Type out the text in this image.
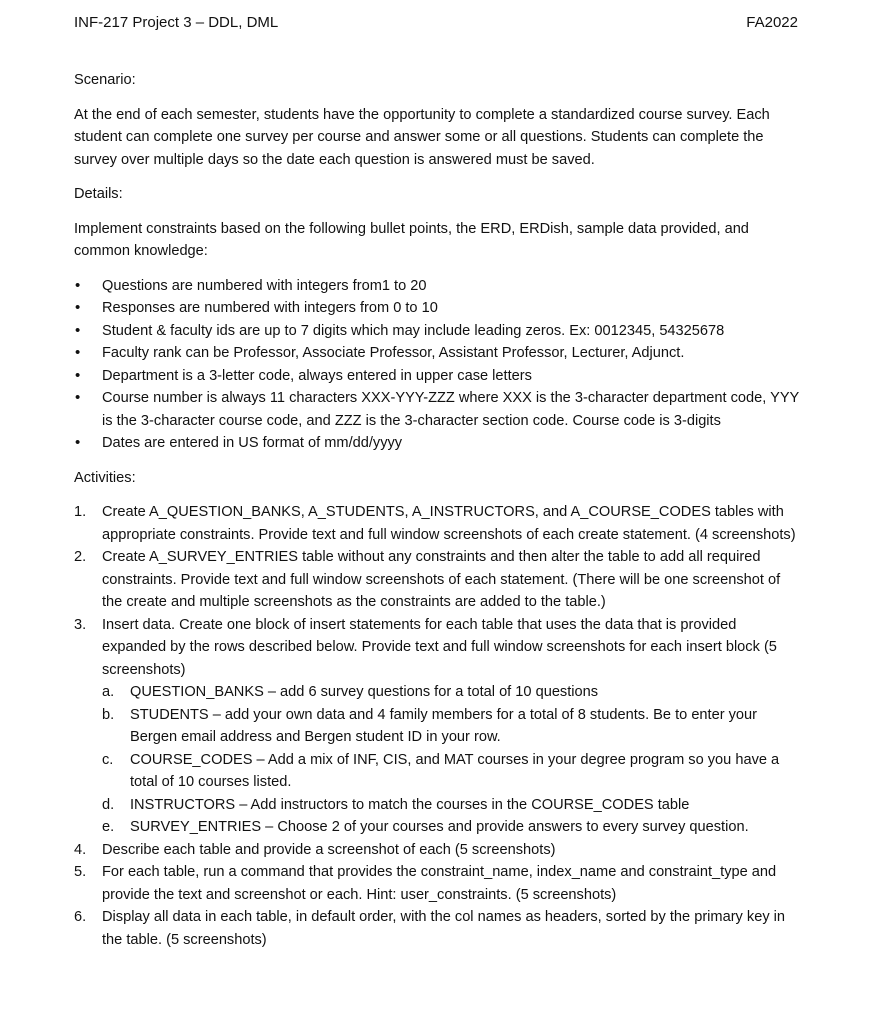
INF-217 Project 3 – DDL, DML	FA2022

Scenario:

At the end of each semester, students have the opportunity to complete a standardized course survey. Each student can complete one survey per course and answer some or all questions. Students can complete the survey over multiple days so the date each question is answered must be saved.

Details:

Implement constraints based on the following bullet points, the ERD, ERDish, sample data provided, and common knowledge:

• Questions are numbered with integers from1 to 20
• Responses are numbered with integers from 0 to 10
• Student & faculty ids are up to 7 digits which may include leading zeros. Ex: 0012345, 54325678
• Faculty rank can be Professor, Associate Professor, Assistant Professor, Lecturer, Adjunct.
• Department is a 3-letter code, always entered in upper case letters
• Course number is always 11 characters XXX-YYY-ZZZ where XXX is the 3-character department code, YYY is the 3-character course code, and ZZZ is the 3-character section code. Course code is 3-digits
• Dates are entered in US format of mm/dd/yyyy

Activities:

1. Create A_QUESTION_BANKS, A_STUDENTS, A_INSTRUCTORS, and A_COURSE_CODES tables with appropriate constraints. Provide text and full window screenshots of each create statement. (4 screenshots)
2. Create A_SURVEY_ENTRIES table without any constraints and then alter the table to add all required constraints. Provide text and full window screenshots of each statement. (There will be one screenshot of the create and multiple screenshots as the constraints are added to the table.)
3. Insert data. Create one block of insert statements for each table that uses the data that is provided expanded by the rows described below. Provide text and full window screenshots for each insert block (5 screenshots)
a. QUESTION_BANKS – add 6 survey questions for a total of 10 questions
b. STUDENTS – add your own data and 4 family members for a total of 8 students. Be to enter your Bergen email address and Bergen student ID in your row.
c. COURSE_CODES – Add a mix of INF, CIS, and MAT courses in your degree program so you have a total of 10 courses listed.
d. INSTRUCTORS – Add instructors to match the courses in the COURSE_CODES table
e. SURVEY_ENTRIES – Choose 2 of your courses and provide answers to every survey question.
4. Describe each table and provide a screenshot of each (5 screenshots)
5. For each table, run a command that provides the constraint_name, index_name and constraint_type and provide the text and screenshot or each. Hint: user_constraints. (5 screenshots)
6. Display all data in each table, in default order, with the col names as headers, sorted by the primary key in the table. (5 screenshots)
